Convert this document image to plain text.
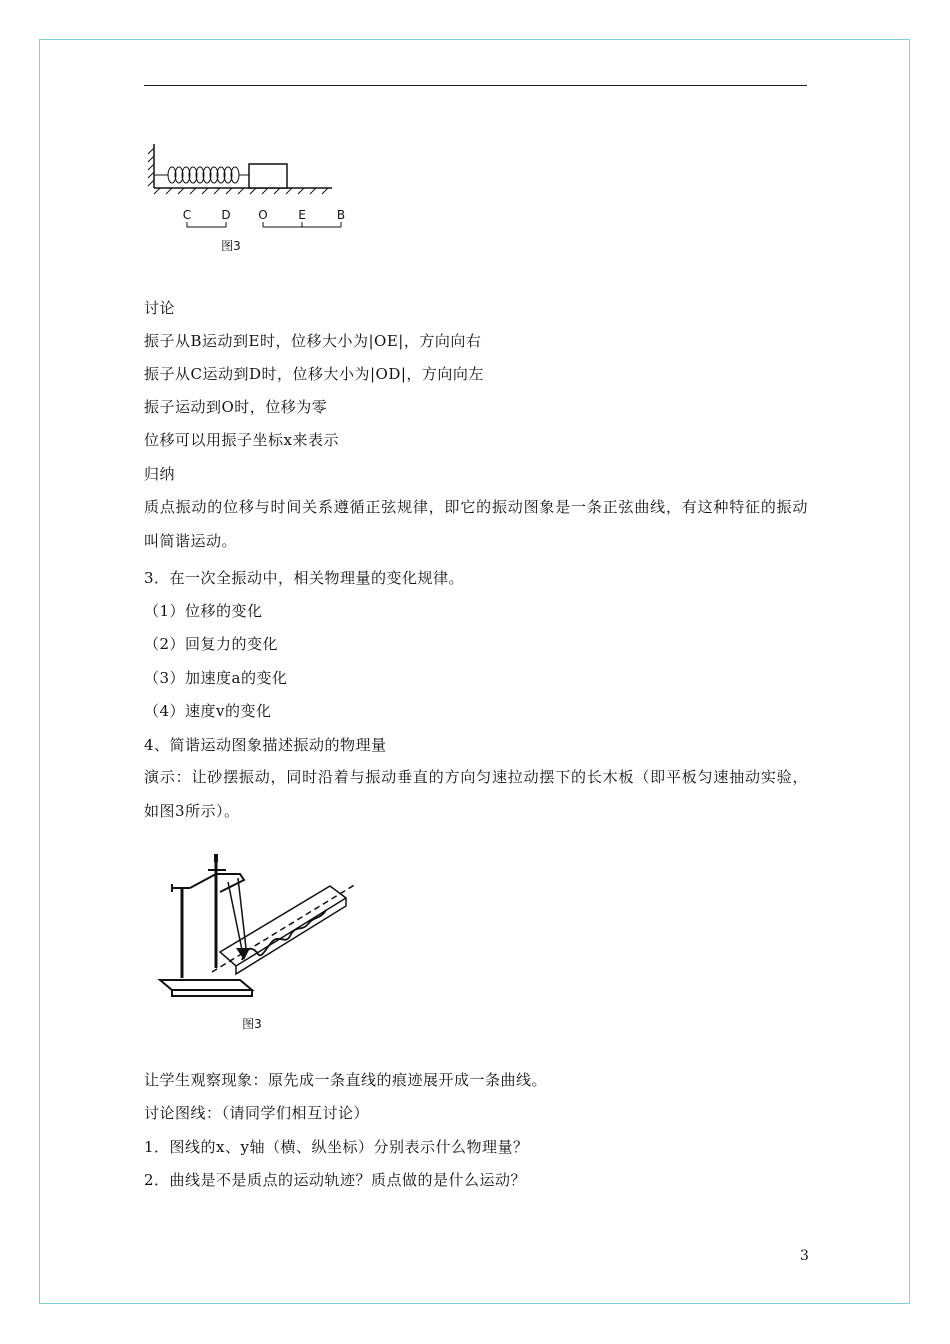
C	D O	E	B
图3
讨论
振子从B运动到E时，位移大小为|OE|，方向向右
振子从C运动到D时，位移大小为|OD|，方向向左
振子运动到O时，位移为零
位移可以用振子坐标x来表示
归纳
质点振动的位移与时间关系遵循正弦规律，即它的振动图象是一条正弦曲线，有这种特征的振动叫简谐运动。
3．在一次全振动中，相关物理量的变化规律。
（1）位移的变化
（2）回复力的变化
（3）加速度a的变化
（4）速度v的变化
4、简谐运动图象描述振动的物理量
演示：让砂摆振动，同时沿着与振动垂直的方向匀速拉动摆下的长木板（即平板匀速抽动实验，如图3所示）。
图3
让学生观察现象：原先成一条直线的痕迹展开成一条曲线。
讨论图线：（请同学们相互讨论）
1．图线的x、y轴（横、纵坐标）分别表示什么物理量？
2．曲线是不是质点的运动轨迹？质点做的是什么运动？
3
